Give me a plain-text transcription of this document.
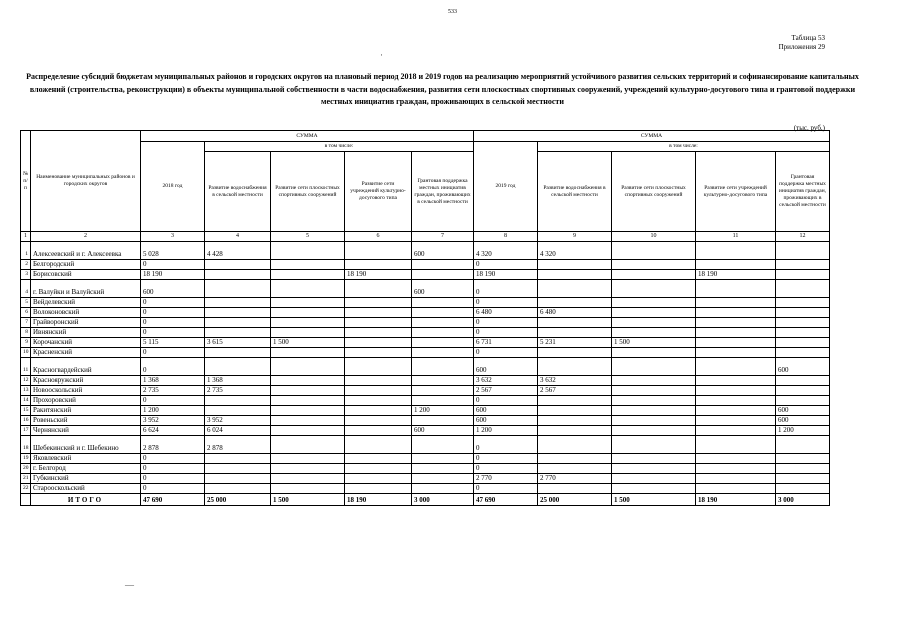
533
Таблица 53
Приложения 29
·
Распределение субсидий бюджетам муниципальных районов и городских округов на плановый период 2018 и 2019 годов на реализацию мероприятий устойчивого развития сельских территорий и софинансирование капитальных вложений (строительства, реконструкции) в объекты муниципальной собственности в части водоснабжения, развития сети плоскостных спортивных сооружений, учреждений культурно-досугового типа и грантовой поддержки местных инициатив граждан, проживающих в сельской местности
(тыс. руб.)
№ п/п	Наименование муниципальных районов и городских округов	СУММА					СУММА				
		2018 год	в том числе:				2019 год	в том числе:			
			Развитие водоснабжения в сельской местности	Развитие сети плоскостных спортивных сооружений	Развитие сети учреждений культурно-досугового типа	Грантовая поддержка местных инициатив граждан, проживающих в сельской местности		Развитие водоснабжения в сельской местности	Развитие сети плоскостных спортивных сооружений	Развитие сети учреждений культурно-досугового типа	Грантовая поддержка местных инициатив граждан, проживающих в сельской местности
1	2	3	4	5	6	7	8	9	10	11	12
1	Алексеевский и г. Алексеевка	5 028	4 428			600	4 320	4 320			
2	Белгородский	0					0				
3	Борисовский	18 190			18 190		18 190			18 190	
4	г. Валуйки и Валуйский	600				600	0				
5	Вейделевский	0					0				
6	Волоконовский	0					6 480	6 480			
7	Грайворонский	0					0				
8	Ивнянский	0					0				
9	Корочанский	5 115	3 615	1 500			6 731	5 231	1 500		
10	Красненский	0					0				
11	Красногвардейский	0					600				600
12	Краснояружский	1 368	1 368				3 632	3 632			
13	Новооскольский	2 735	2 735				2 567	2 567			
14	Прохоровский	0					0				
15	Ракитянский	1 200				1 200	600				600
16	Ровеньский	3 952	3 952				600				600
17	Чернянский	6 624	6 024			600	1 200				1 200
18	Шебекинский и г. Шебекино	2 878	2 878				0				
19	Яковлевский	0					0				
20	г. Белгород	0					0				
21	Губкинский	0					2 770	2 770			
22	Старооскольский	0					0				
	ИТОГО	47 690	25 000	1 500	18 190	3 000	47 690	25 000	1 500	18 190	3 000
—
